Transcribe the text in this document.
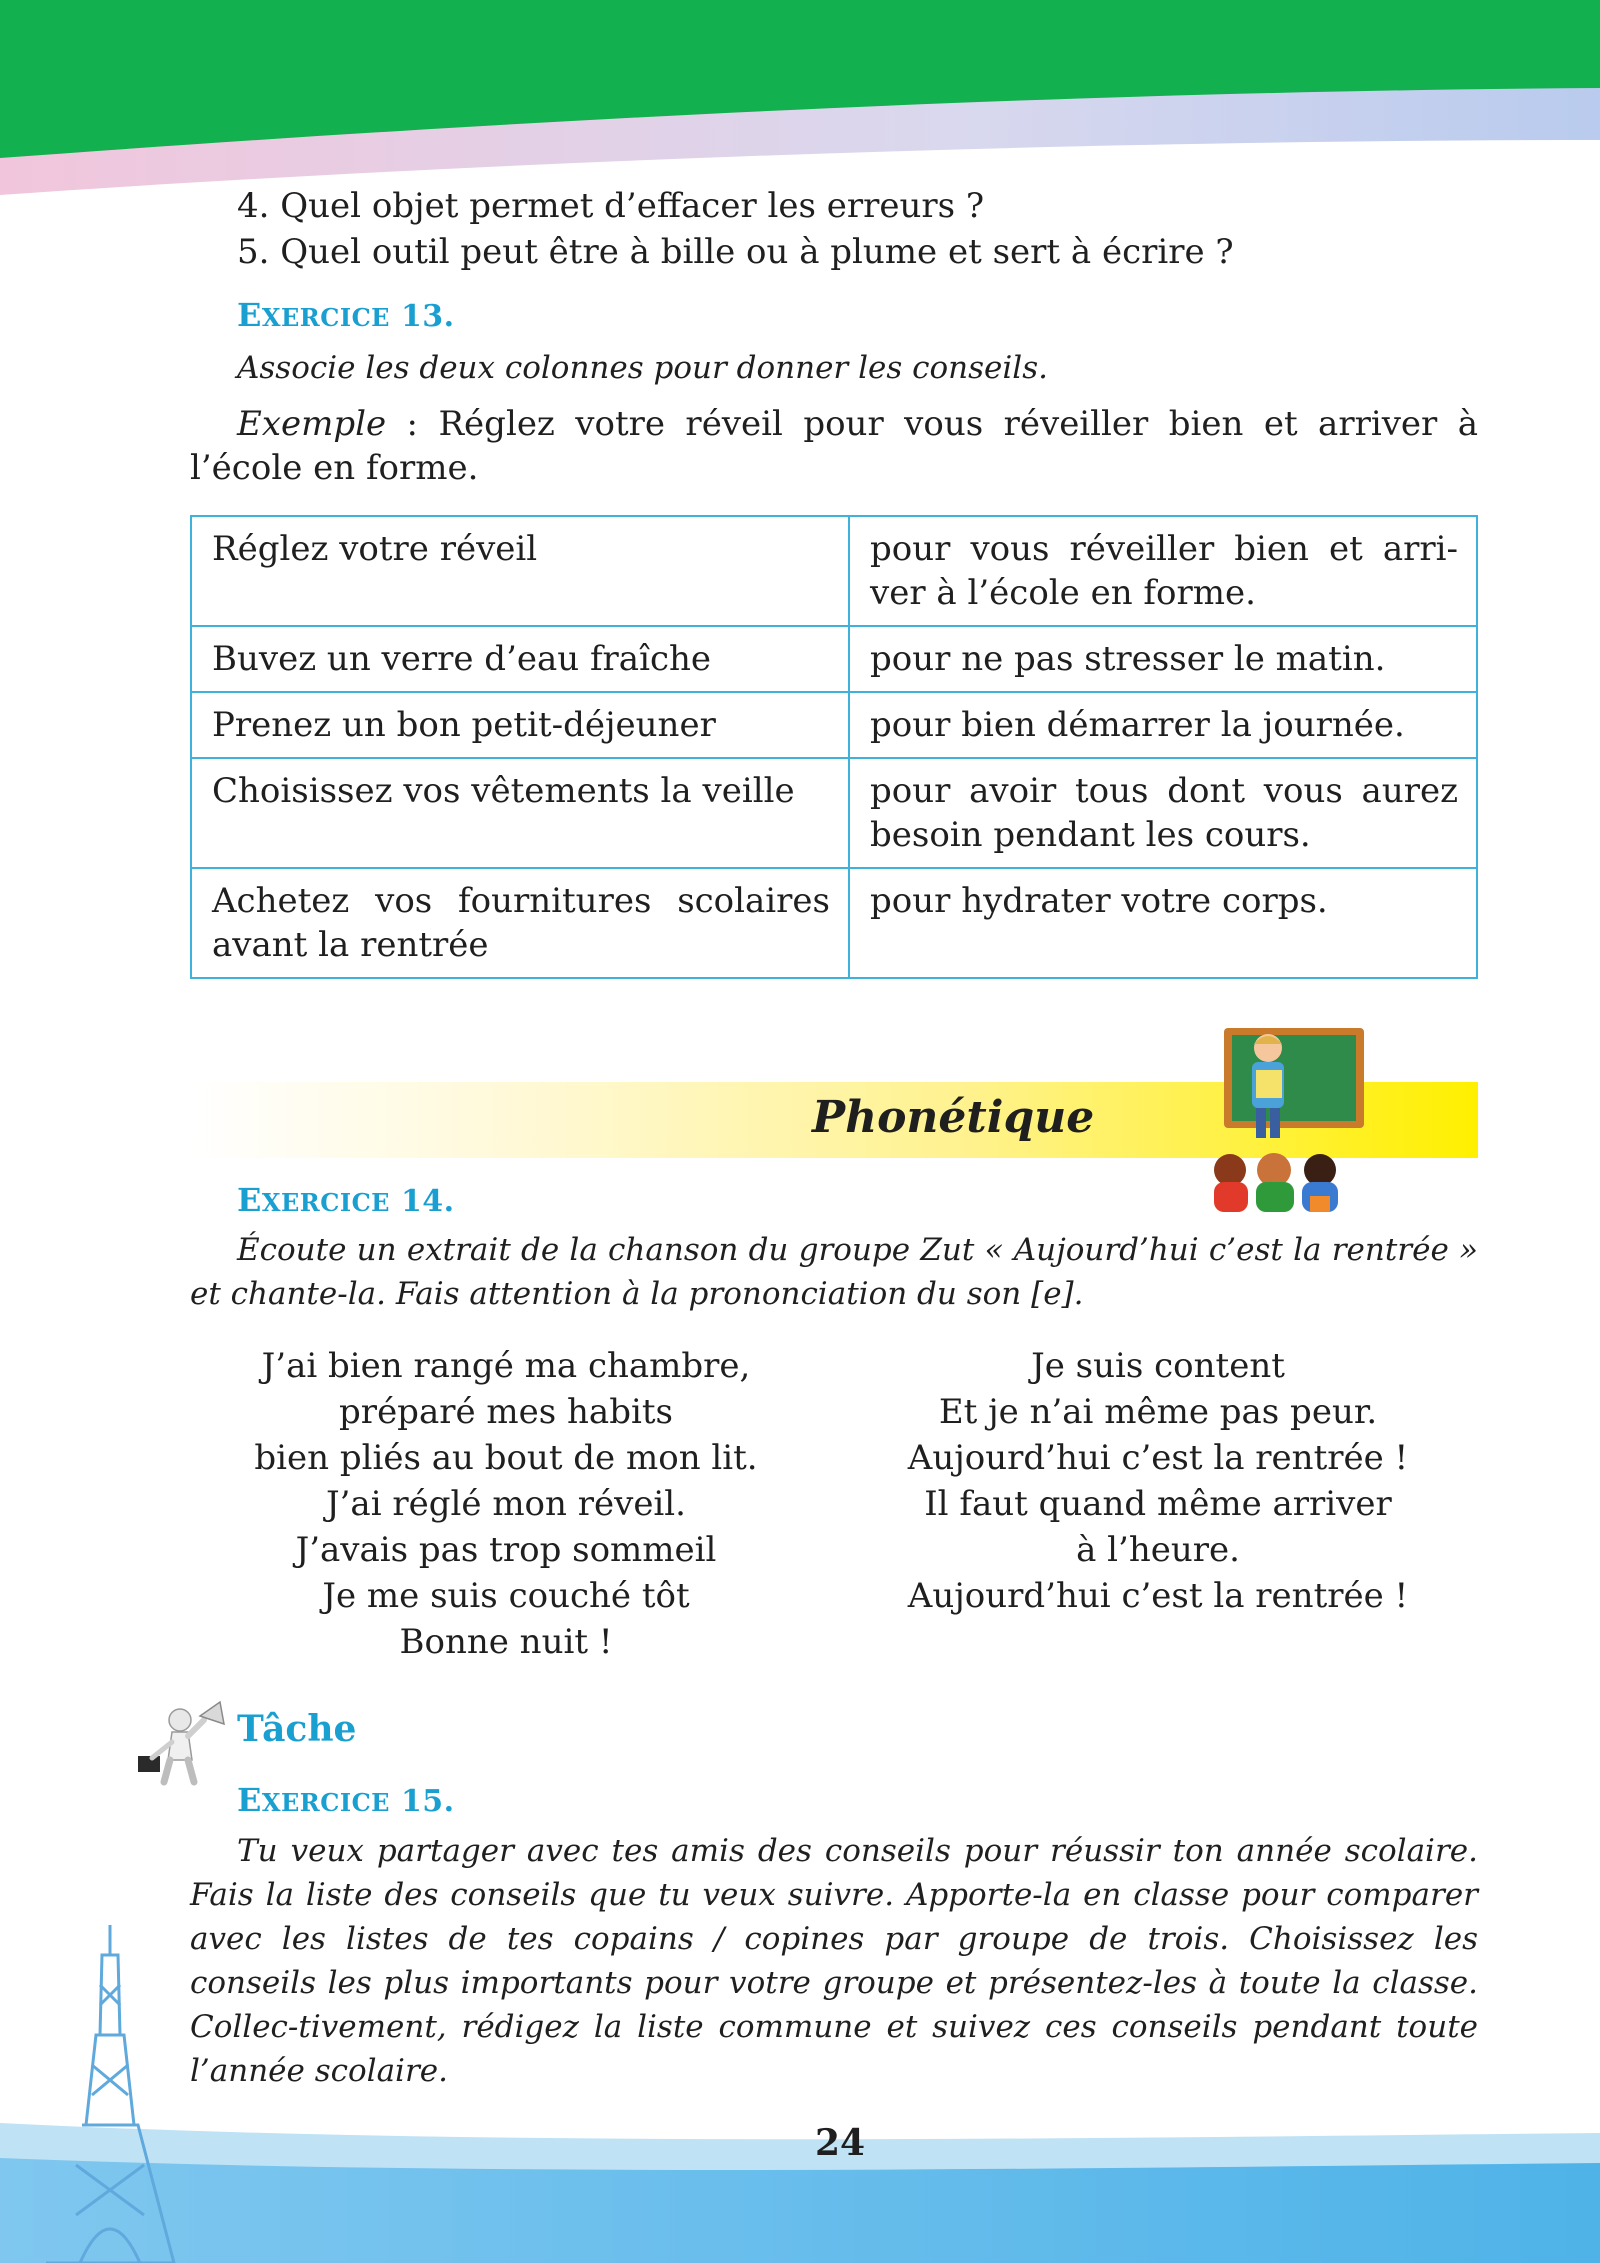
4. Quel objet permet d’effacer les erreurs ?
5. Quel outil peut être à bille ou à plume et sert à écrire ?
EXERCICE 13.
Associe les deux colonnes pour donner les conseils.
Exemple : Réglez votre réveil pour vous réveiller bien et arriver à l’école en forme.
Réglez votre réveil	pour vous réveiller bien et arri-ver à l’école en forme.
Buvez un verre d’eau fraîche	pour ne pas stresser le matin.
Prenez un bon petit-déjeuner	pour bien démarrer la journée.
Choisissez vos vêtements la veille	pour avoir tous dont vous aurez besoin pendant les cours.
Achetez vos fournitures scolaires avant la rentrée	pour hydrater votre corps.
Phonétique
EXERCICE 14.
Écoute un extrait de la chanson du groupe Zut « Aujourd’hui c’est la rentrée » et chante-la. Fais attention à la prononciation du son [e].
J’ai bien rangé ma chambre,
préparé mes habits
bien pliés au bout de mon lit.
J’ai réglé mon réveil.
J’avais pas trop sommeil
Je me suis couché tôt
Bonne nuit !
Je suis content
Et je n’ai même pas peur.
Aujourd’hui c’est la rentrée !
Il faut quand même arriver
à l’heure.
Aujourd’hui c’est la rentrée !
Tâche
EXERCICE 15.
Tu veux partager avec tes amis des conseils pour réussir ton année scolaire. Fais la liste des conseils que tu veux suivre. Apporte-la en classe pour comparer avec les listes de tes copains / copines par groupe de trois. Choisissez les conseils les plus importants pour votre groupe et présentez-les à toute la classe. Collec-tivement, rédigez la liste commune et suivez ces conseils pendant toute l’année scolaire.
24
